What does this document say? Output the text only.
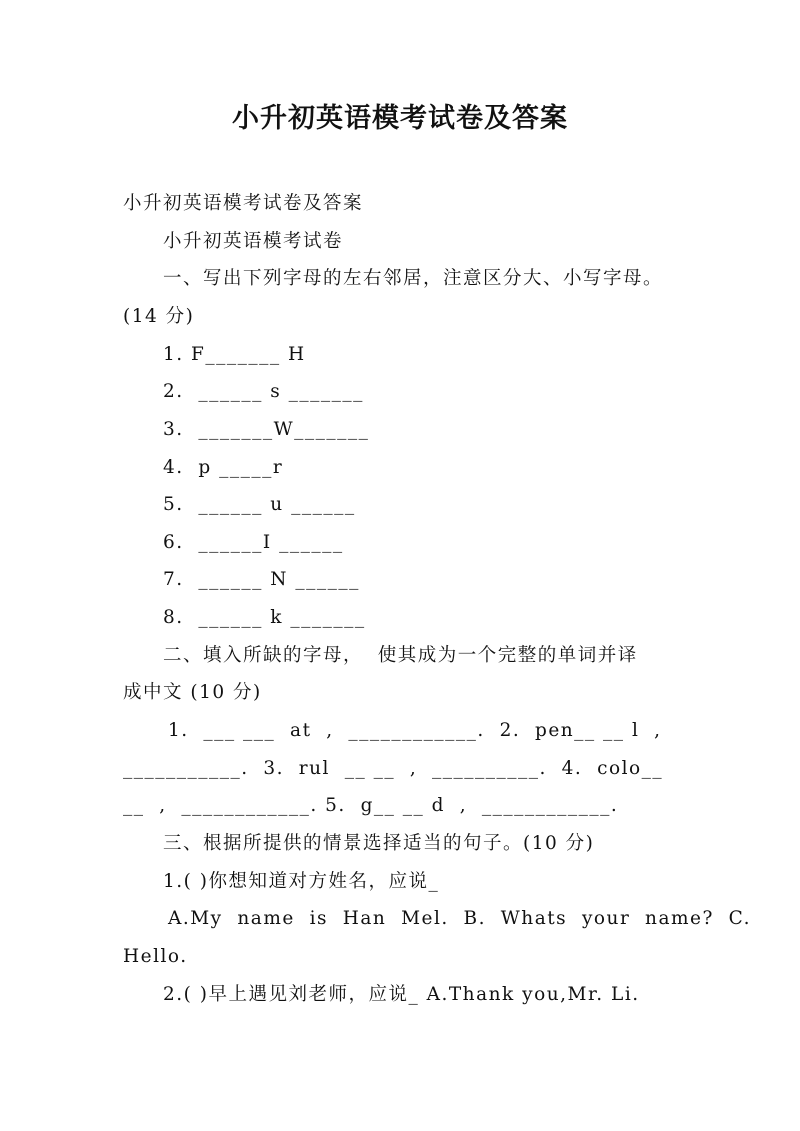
小升初英语模考试卷及答案
小升初英语模考试卷及答案
小升初英语模考试卷
一、写出下列字母的左右邻居，注意区分大、小写字母。
(14 分)
1. F_______ H
2.  ______ s _______
3.  _______W_______
4.  p _____r
5.  ______ u ______
6.  ______I ______
7.  ______ N ______
8.  ______ k _______
二、填入所缺的字母，  使其成为一个完整的单词并译
成中文 (10 分)
1.  ___ ___  at  ,  ____________.  2.  pen__ __ l  ,
___________.  3.  rul  __ __  ,  __________.  4.  colo__
__  ,  ____________. 5.  g__ __ d  ,  ____________.
三、根据所提供的情景选择适当的句子。(10 分)
1.( )你想知道对方姓名，应说_
A.My  name  is  Han  Mel.  B.  Whats  your  name?  C.
Hello.
2.( )早上遇见刘老师，应说_ A.Thank you,Mr. Li.
